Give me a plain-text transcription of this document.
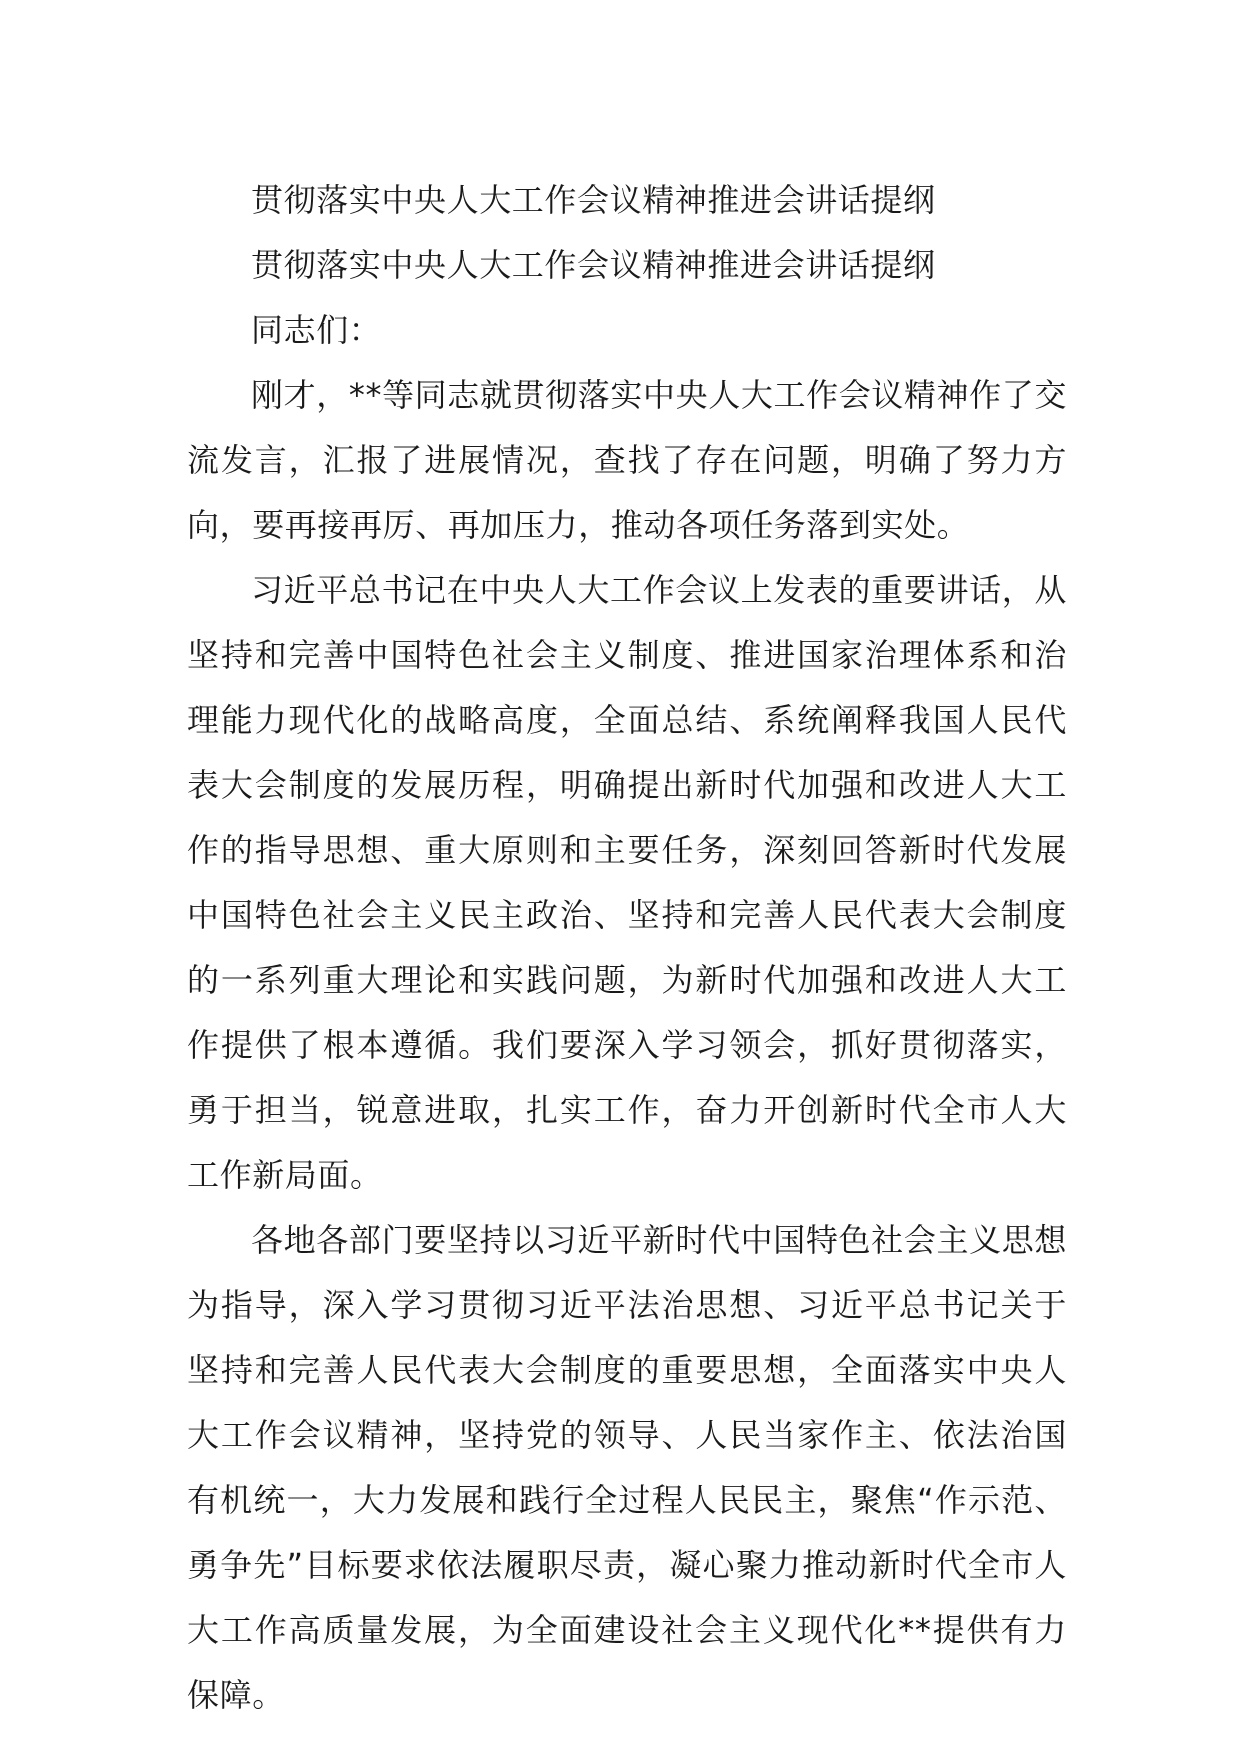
贯彻落实中央人大工作会议精神推进会讲话提纲

贯彻落实中央人大工作会议精神推进会讲话提纲

同志们：

刚才，**等同志就贯彻落实中央人大工作会议精神作了交流发言，汇报了进展情况，查找了存在问题，明确了努力方向，要再接再厉、再加压力，推动各项任务落到实处。

习近平总书记在中央人大工作会议上发表的重要讲话，从坚持和完善中国特色社会主义制度、推进国家治理体系和治理能力现代化的战略高度，全面总结、系统阐释我国人民代表大会制度的发展历程，明确提出新时代加强和改进人大工作的指导思想、重大原则和主要任务，深刻回答新时代发展中国特色社会主义民主政治、坚持和完善人民代表大会制度的一系列重大理论和实践问题，为新时代加强和改进人大工作提供了根本遵循。我们要深入学习领会，抓好贯彻落实，勇于担当，锐意进取，扎实工作，奋力开创新时代全市人大工作新局面。

各地各部门要坚持以习近平新时代中国特色社会主义思想为指导，深入学习贯彻习近平法治思想、习近平总书记关于坚持和完善人民代表大会制度的重要思想，全面落实中央人大工作会议精神，坚持党的领导、人民当家作主、依法治国有机统一，大力发展和践行全过程人民民主，聚焦“作示范、勇争先”目标要求依法履职尽责，凝心聚力推动新时代全市人大工作高质量发展，为全面建设社会主义现代化**提供有力保障。
